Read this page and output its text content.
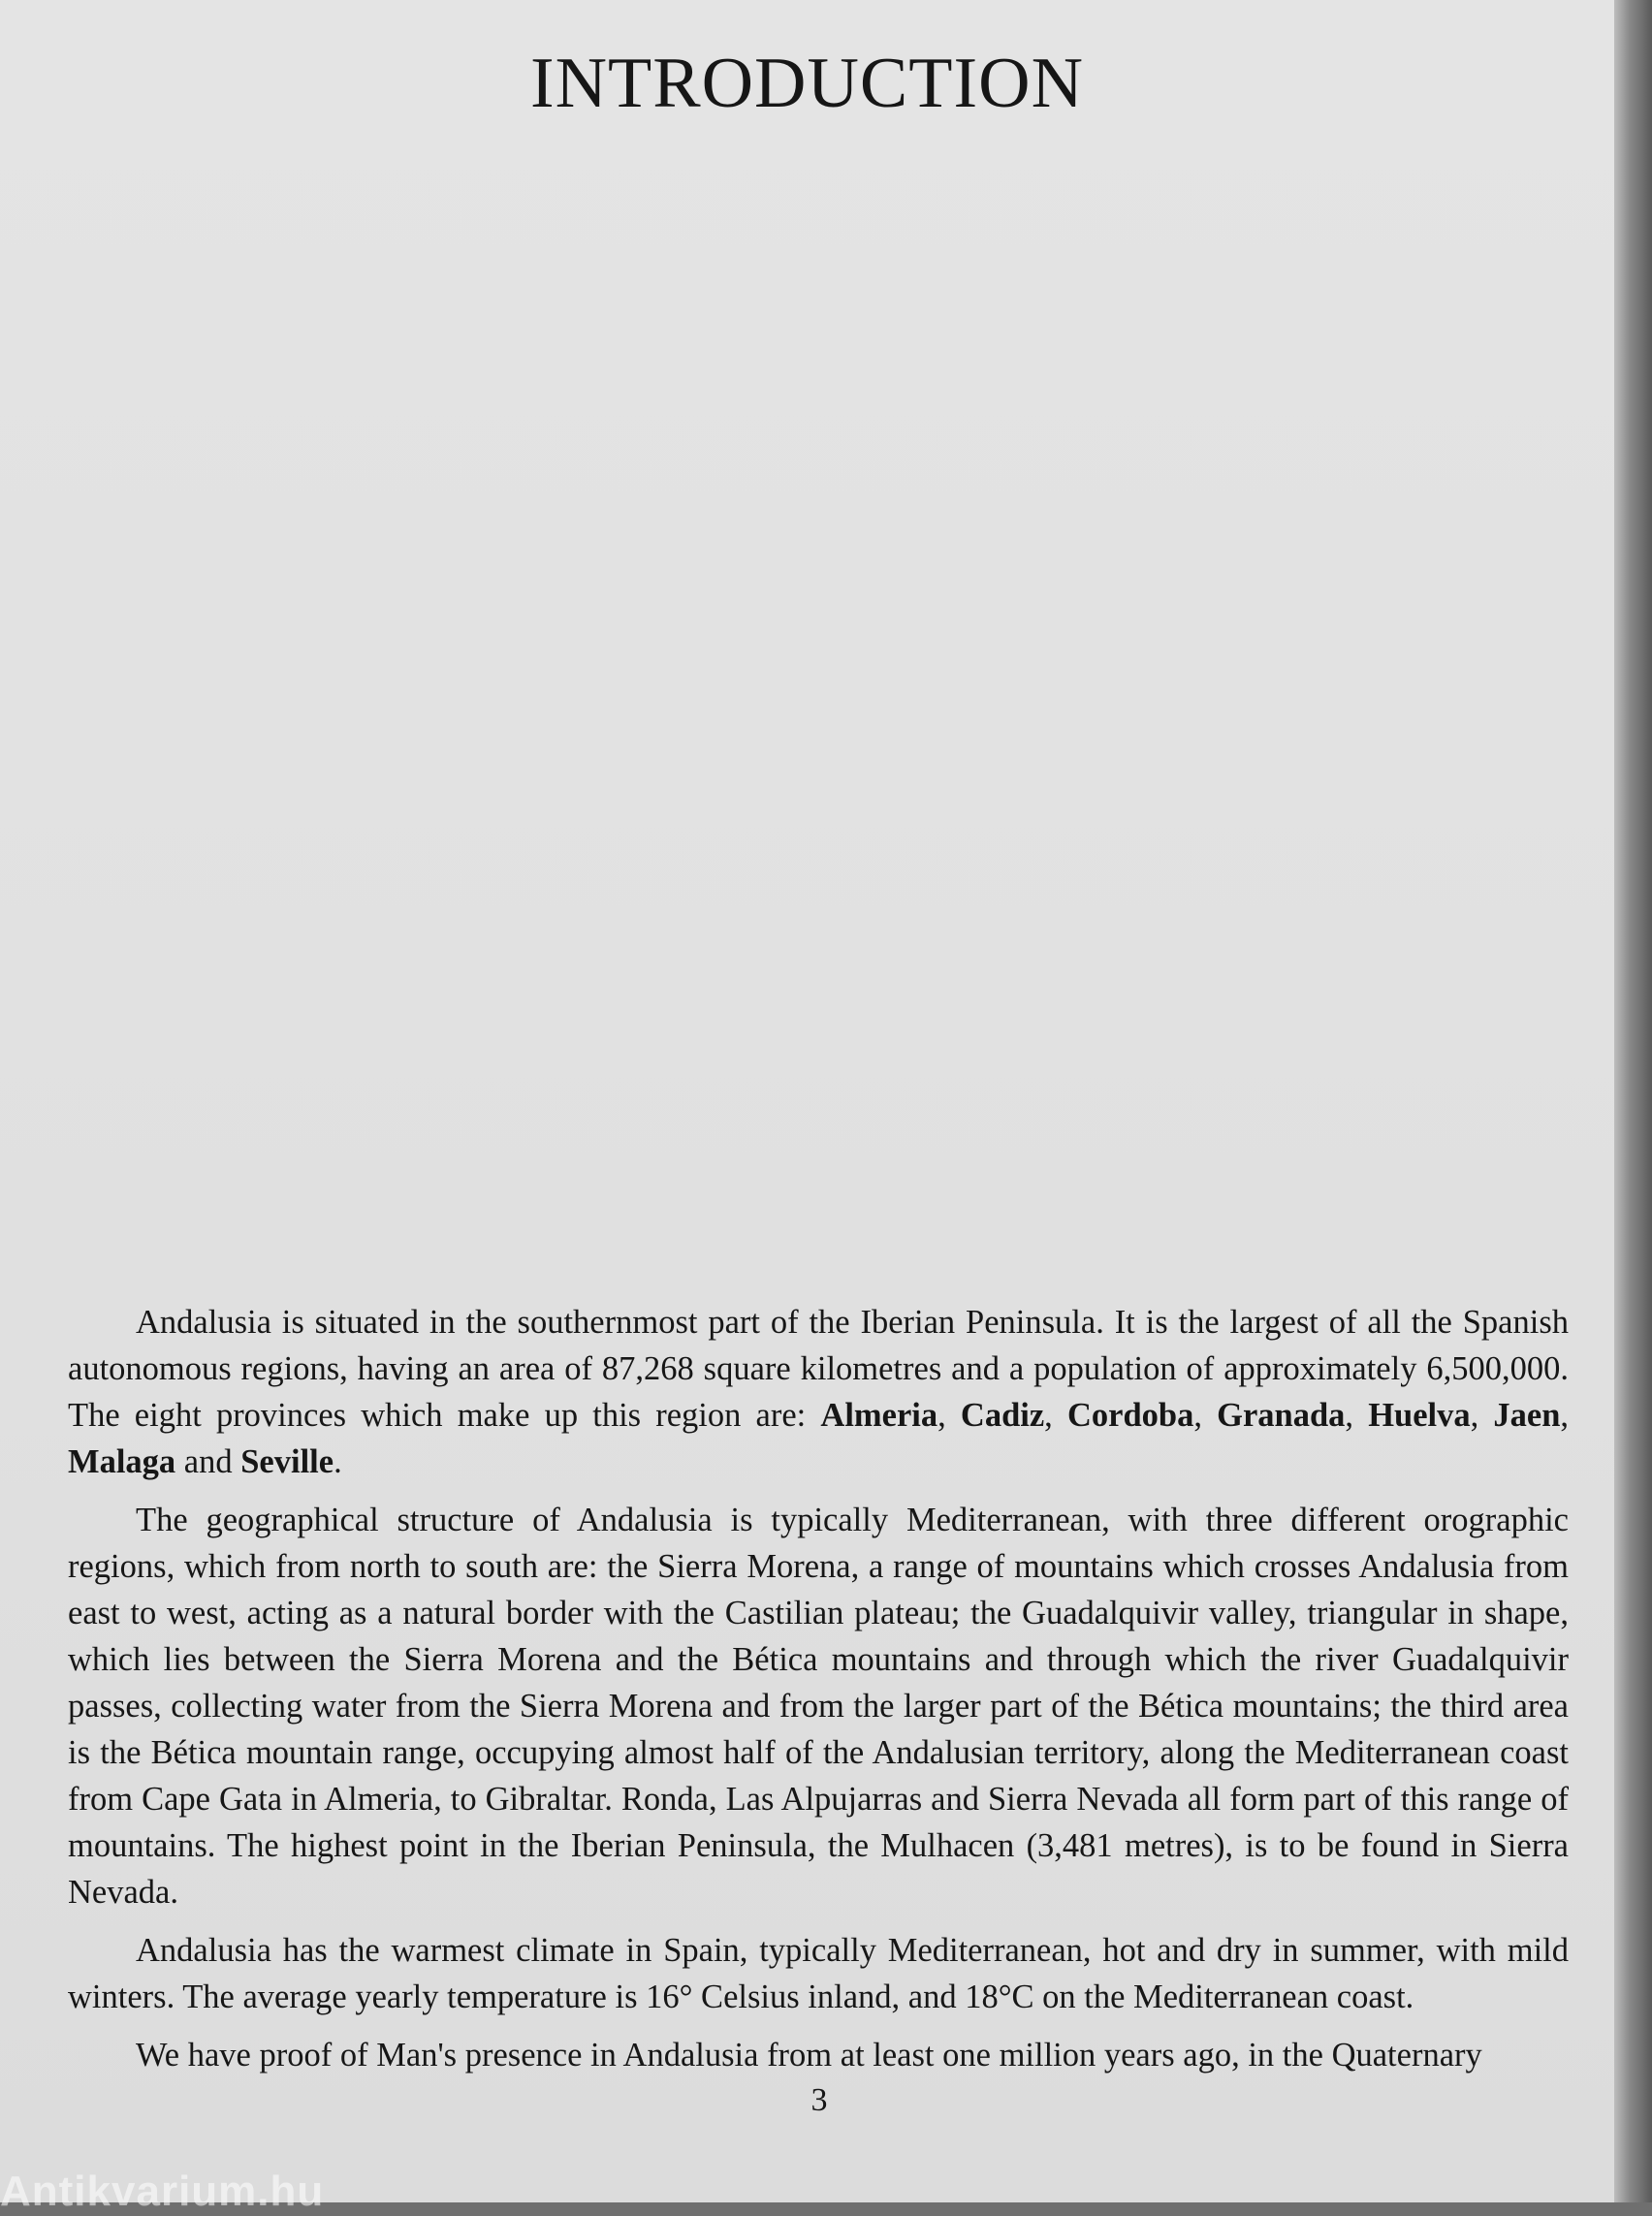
INTRODUCTION

Andalusia is situated in the southernmost part of the Iberian Peninsula. It is the largest of all the Spanish autonomous regions, having an area of 87,268 square kilometres and a population of approximately 6,500,000. The eight provinces which make up this region are: Almeria, Cadiz, Cordoba, Granada, Huelva, Jaen, Malaga and Seville.

The geographical structure of Andalusia is typically Mediterranean, with three different orographic regions, which from north to south are: the Sierra Morena, a range of mountains which crosses Andalusia from east to west, acting as a natural border with the Castilian plateau; the Guadalquivir valley, triangular in shape, which lies between the Sierra Morena and the Bética mountains and through which the river Guadalquivir passes, collecting water from the Sierra Morena and from the larger part of the Bética mountains; the third area is the Bética mountain range, occupying almost half of the Andalusian territory, along the Mediterranean coast from Cape Gata in Almeria, to Gibraltar. Ronda, Las Alpujarras and Sierra Nevada all form part of this range of mountains. The highest point in the Iberian Peninsula, the Mulhacen (3,481 metres), is to be found in Sierra Nevada.

Andalusia has the warmest climate in Spain, typically Mediterranean, hot and dry in summer, with mild winters. The average yearly temperature is 16° Celsius inland, and 18°C on the Mediterranean coast.

We have proof of Man's presence in Andalusia from at least one million years ago, in the Quaternary

3
Antikvarium.hu
